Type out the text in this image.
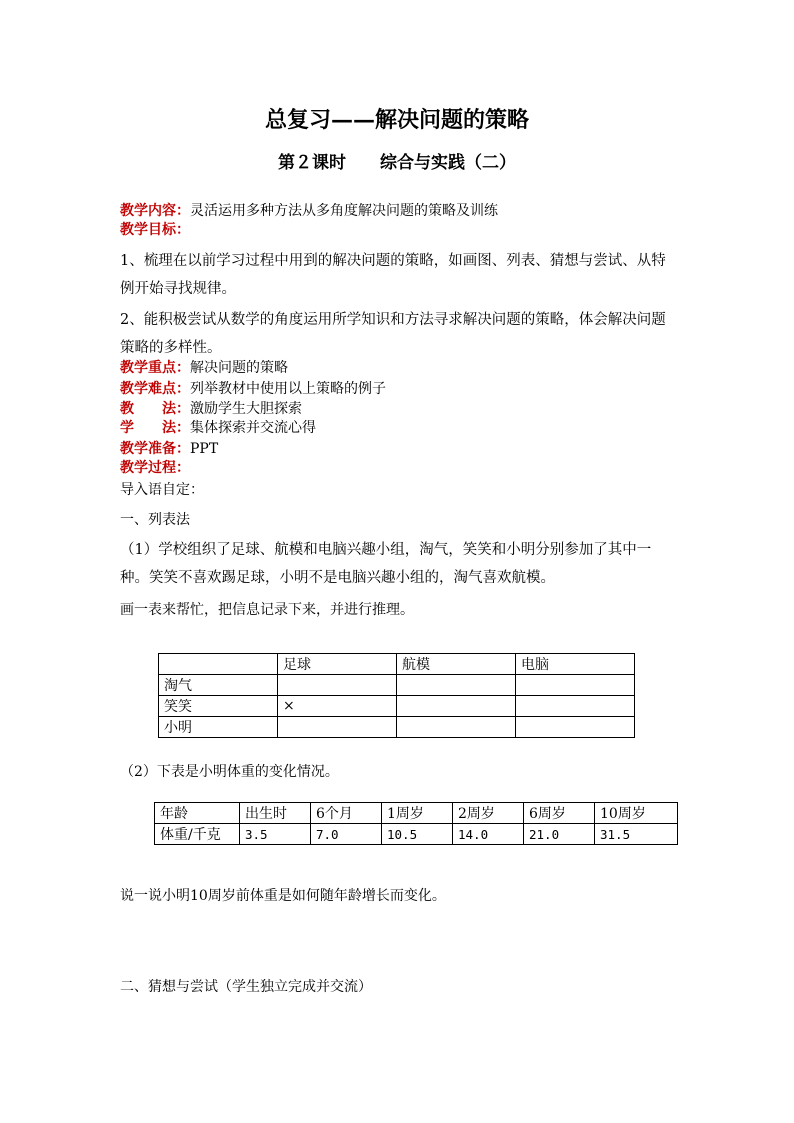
总复习——解决问题的策略
第２课时 综合与实践（二）
教学内容：灵活运用多种方法从多角度解决问题的策略及训练
教学目标：
1、梳理在以前学习过程中用到的解决问题的策略，如画图、列表、猜想与尝试、从特例开始寻找规律。
2、能积极尝试从数学的角度运用所学知识和方法寻求解决问题的策略，体会解决问题策略的多样性。
教学重点：解决问题的策略
教学难点：列举教材中使用以上策略的例子
教　　法：激励学生大胆探索
学　　法：集体探索并交流心得
教学准备：PPT
教学过程：
导入语自定：
一、列表法
（1）学校组织了足球、航模和电脑兴趣小组，淘气，笑笑和小明分别参加了其中一种。笑笑不喜欢踢足球，小明不是电脑兴趣小组的，淘气喜欢航模。
画一表来帮忙，把信息记录下来，并进行推理。
	足球	航模	电脑
淘气			
笑笑	×		
小明			
（2）下表是小明体重的变化情况。
年龄	出生时	6个月	1周岁	2周岁	6周岁	10周岁
体重/千克	3.5	7.0	10.5	14.0	21.0	31.5
说一说小明10周岁前体重是如何随年龄增长而变化。
二、猜想与尝试（学生独立完成并交流）
